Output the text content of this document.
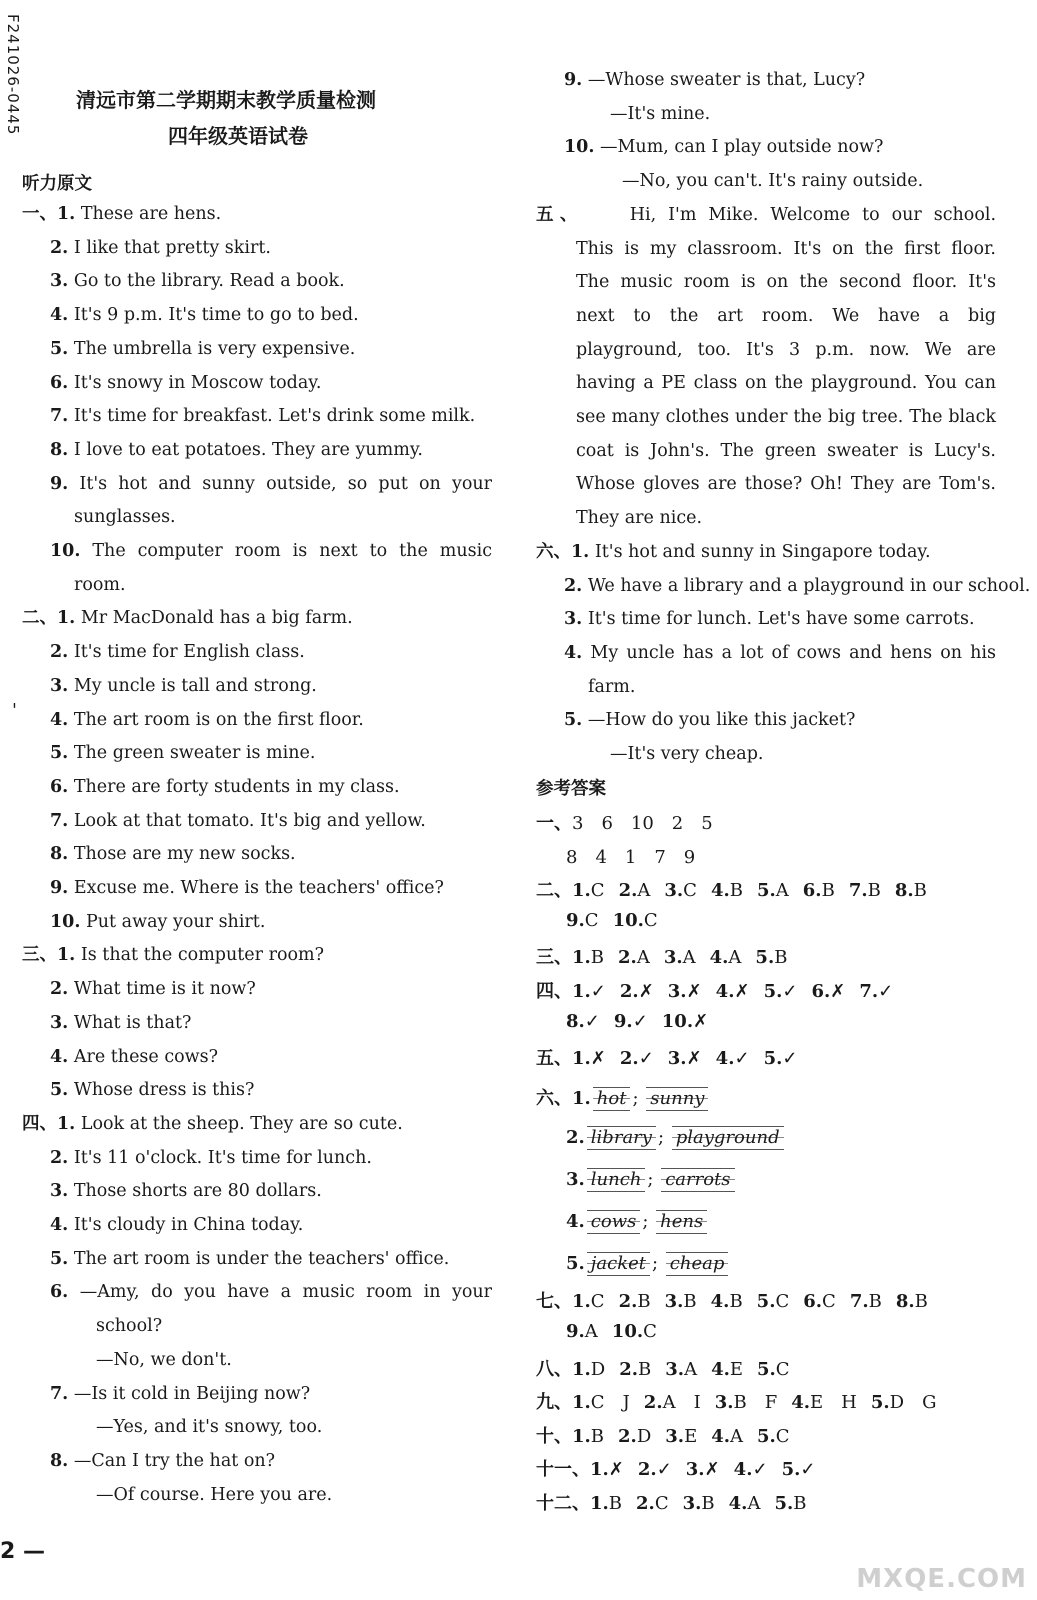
F241026-0445
'
清远市第二学期期末教学质量检测
四年级英语试卷
听力原文
一、1. These are hens.
2. I like that pretty skirt.
3. Go to the library. Read a book.
4. It's 9 p.m. It's time to go to bed.
5. The umbrella is very expensive.
6. It's snowy in Moscow today.
7. It's time for breakfast. Let's drink some milk.
8. I love to eat potatoes. They are yummy.
9. It's hot and sunny outside, so put on your
sunglasses.
10. The computer room is next to the music
room.
二、1. Mr MacDonald has a big farm.
2. It's time for English class.
3. My uncle is tall and strong.
4. The art room is on the first floor.
5. The green sweater is mine.
6. There are forty students in my class.
7. Look at that tomato. It's big and yellow.
8. Those are my new socks.
9. Excuse me. Where is the teachers' office?
10. Put away your shirt.
三、1. Is that the computer room?
2. What time is it now?
3. What is that?
4. Are these cows?
5. Whose dress is this?
四、1. Look at the sheep. They are so cute.
2. It's 11 o'clock. It's time for lunch.
3. Those shorts are 80 dollars.
4. It's cloudy in China today.
5. The art room is under the teachers' office.
6. —Amy, do you have a music room in your
school?
—No, we don't.
7. —Is it cold in Beijing now?
—Yes, and it's snowy, too.
8. —Can I try the hat on?
—Of course. Here you are.
9. —Whose sweater is that, Lucy?
—It's mine.
10. —Mum, can I play outside now?
—No, you can't. It's rainy outside.
五、 Hi, I'm Mike. Welcome to our school.
This is my classroom. It's on the first floor.
The music room is on the second floor. It's
next to the art room. We have a big
playground, too. It's 3 p.m. now. We are
having a PE class on the playground. You can
see many clothes under the big tree. The black
coat is John's. The green sweater is Lucy's.
Whose gloves are those? Oh! They are Tom's.
They are nice.
六、1. It's hot and sunny in Singapore today.
2. We have a library and a playground in our school.
3. It's time for lunch. Let's have some carrots.
4. My uncle has a lot of cows and hens on his
farm.
5. —How do you like this jacket?
—It's very cheap.
参考答案
一、3　6　10　2　5
8　4　1　7　9
二、1.C 2.A 3.C 4.B 5.A 6.B 7.B 8.B
9.C 10.C
三、1.B 2.A 3.A 4.A 5.B
四、1.✓ 2.✗ 3.✗ 4.✗ 5.✓ 6.✗ 7.✓
8.✓ 9.✓ 10.✗
五、1.✗ 2.✓ 3.✗ 4.✓ 5.✓
六、1. hot ; sunny
2. library ; playground
3. lunch ; carrots
4. cows ; hens
5. jacket ; cheap
七、1.C 2.B 3.B 4.B 5.C 6.C 7.B 8.B
9.A 10.C
八、1.D 2.B 3.A 4.E 5.C
九、1.C　J 2.A　I 3.B　F 4.E　H 5.D　G
十、1.B 2.D 3.E 4.A 5.C
十一、1.✗ 2.✓ 3.✗ 4.✓ 5.✓
十二、1.B 2.C 3.B 4.A 5.B
2 —
MXQE.COM
